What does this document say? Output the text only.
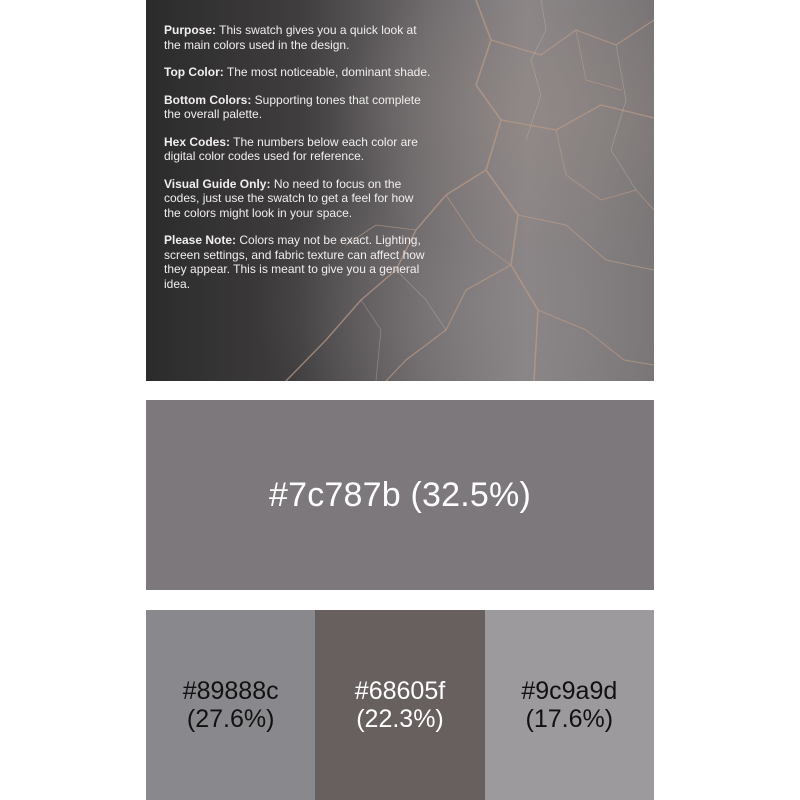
Purpose: This swatch gives you a quick look at the main colors used in the design.

Top Color: The most noticeable, dominant shade.

Bottom Colors: Supporting tones that complete the overall palette.

Hex Codes: The numbers below each color are digital color codes used for reference.

Visual Guide Only: No need to focus on the codes, just use the swatch to get a feel for how the colors might look in your space.

Please Note: Colors may not be exact. Lighting, screen settings, and fabric texture can affect how they appear. This is meant to give you a general idea.

#7c787b (32.5%)
#89888c
(27.6%)
#68605f
(22.3%)
#9c9a9d
(17.6%)
